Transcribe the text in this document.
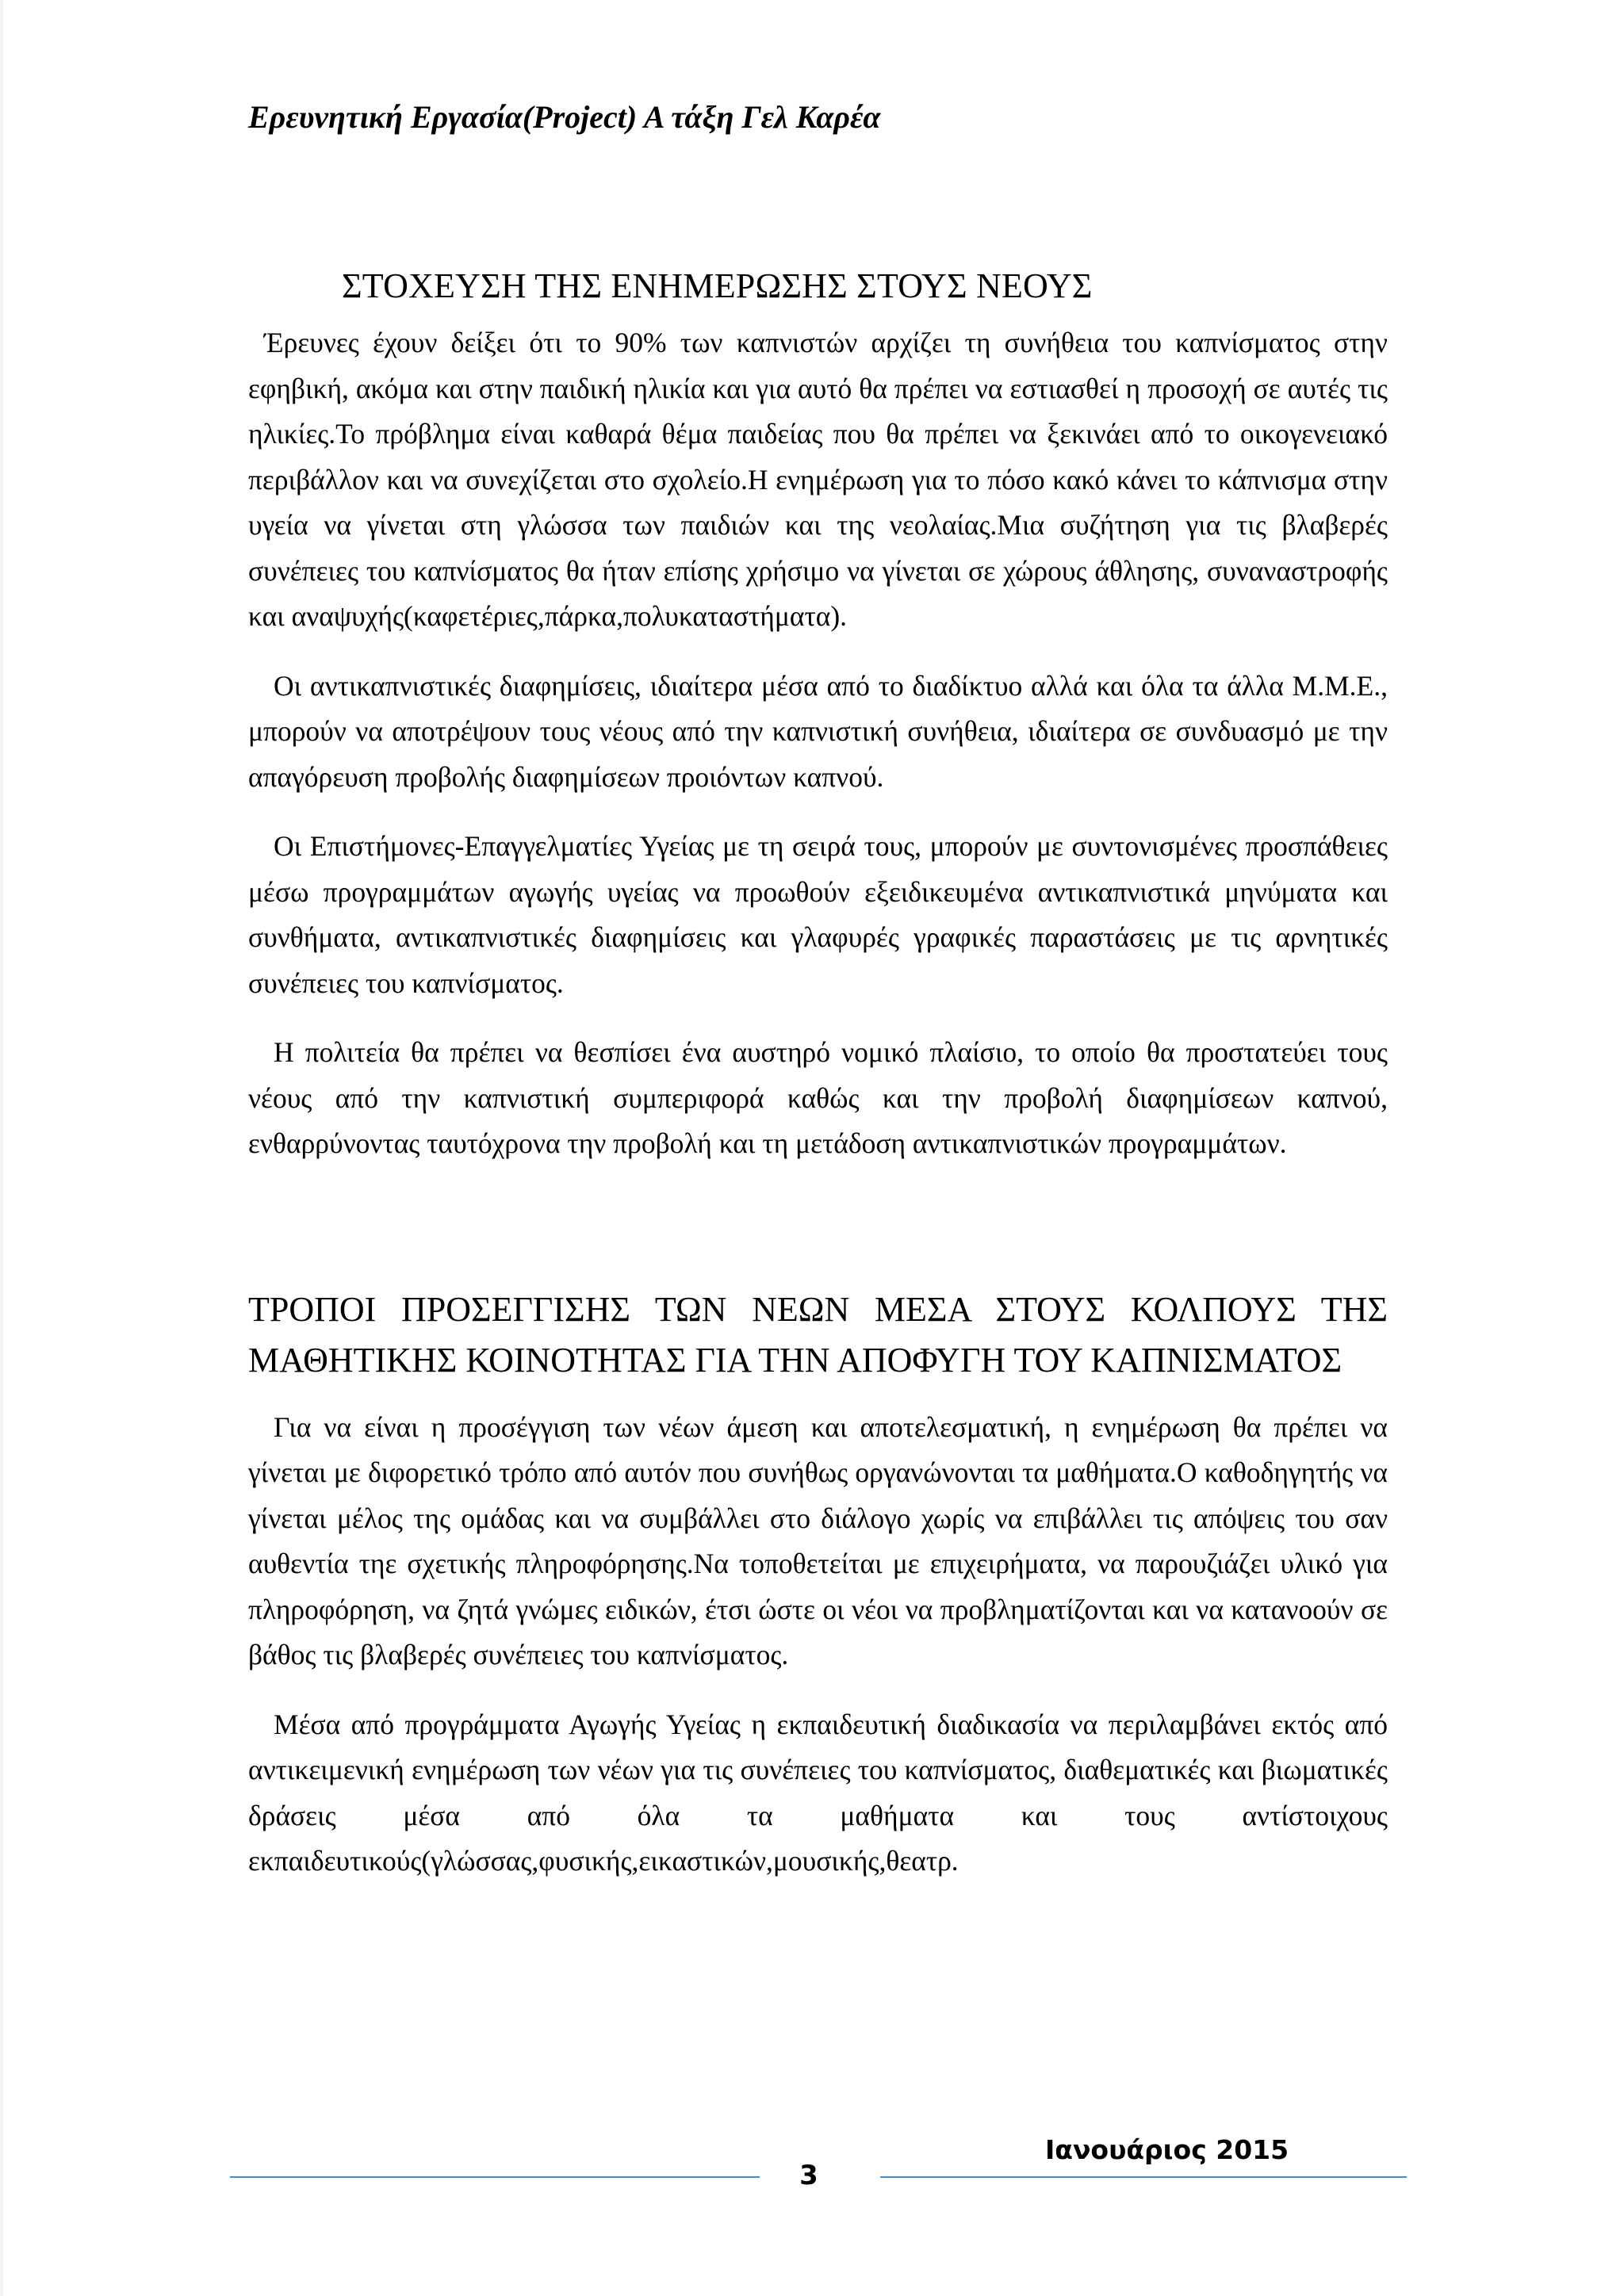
Ερευνητική Εργασία(Project) Α τάξη Γελ Καρέα
ΣΤΟΧΕΥΣΗ ΤΗΣ ΕΝΗΜΕΡΩΣΗΣ ΣΤΟΥΣ ΝΕΟΥΣ

Έρευνες έχουν δείξει ότι το 90% των καπνιστών αρχίζει τη συνήθεια του καπνίσματος στην εφηβική, ακόμα και στην παιδική ηλικία και για αυτό θα πρέπει να εστιασθεί η προσοχή σε αυτές τις ηλικίες.Το πρόβλημα είναι καθαρά θέμα παιδείας που θα πρέπει να ξεκινάει από το οικογενειακό περιβάλλον και να συνεχίζεται στο σχολείο.Η ενημέρωση για το πόσο κακό κάνει το κάπνισμα στην υγεία να γίνεται στη γλώσσα των παιδιών και της νεολαίας.Μια συζήτηση για τις βλαβερές συνέπειες του καπνίσματος θα ήταν επίσης χρήσιμο να γίνεται σε χώρους άθλησης, συναναστροφής και αναψυχής(καφετέριες,πάρκα,πολυκαταστήματα).

Οι αντικαπνιστικές διαφημίσεις, ιδιαίτερα μέσα από το διαδίκτυο αλλά και όλα τα άλλα Μ.Μ.Ε., μπορούν να αποτρέψουν τους νέους από την καπνιστική συνήθεια, ιδιαίτερα σε συνδυασμό με την απαγόρευση προβολής διαφημίσεων προιόντων καπνού.

Οι Επιστήμονες-Επαγγελματίες Υγείας με τη σειρά τους, μπορούν με συντονισμένες προσπάθειες μέσω προγραμμάτων αγωγής υγείας να προωθούν εξειδικευμένα αντικαπνιστικά μηνύματα και συνθήματα, αντικαπνιστικές διαφημίσεις και γλαφυρές γραφικές παραστάσεις με τις αρνητικές συνέπειες του καπνίσματος.

Η πολιτεία θα πρέπει να θεσπίσει ένα αυστηρό νομικό πλαίσιο, το οποίο θα προστατεύει τους νέους από την καπνιστική συμπεριφορά καθώς και την προβολή διαφημίσεων καπνού, ενθαρρύνοντας ταυτόχρονα την προβολή και τη μετάδοση αντικαπνιστικών προγραμμάτων.

ΤΡΟΠΟΙ ΠΡΟΣΕΓΓΙΣΗΣ ΤΩΝ ΝΕΩΝ ΜΕΣΑ ΣΤΟΥΣ ΚΟΛΠΟΥΣ ΤΗΣ ΜΑΘΗΤΙΚΗΣ ΚΟΙΝΟΤΗΤΑΣ ΓΙΑ ΤΗΝ ΑΠΟΦΥΓΗ ΤΟΥ ΚΑΠΝΙΣΜΑΤΟΣ

Για να είναι η προσέγγιση των νέων άμεση και αποτελεσματική, η ενημέρωση θα πρέπει να γίνεται με διφορετικό τρόπο από αυτόν που συνήθως οργανώνονται τα μαθήματα.Ο καθοδηγητής να γίνεται μέλος της ομάδας και να συμβάλλει στο διάλογο χωρίς να επιβάλλει τις απόψεις του σαν αυθεντία τηε σχετικής πληροφόρησης.Να τοποθετείται με επιχειρήματα, να παρουζιάζει υλικό για πληροφόρηση, να ζητά γνώμες ειδικών, έτσι ώστε οι νέοι να προβληματίζονται και να κατανοούν σε βάθος τις βλαβερές συνέπειες του καπνίσματος.

Μέσα από προγράμματα Αγωγής Υγείας η εκπαιδευτική διαδικασία να περιλαμβάνει εκτός από αντικειμενική ενημέρωση των νέων για τις συνέπειες του καπνίσματος, διαθεματικές και βιωματικές δράσεις μέσα από όλα τα μαθήματα και τους αντίστοιχους εκπαιδευτικούς(γλώσσας,φυσικής,εικαστικών,μουσικής,θεατρ.

3
Ιανουάριος 2015
